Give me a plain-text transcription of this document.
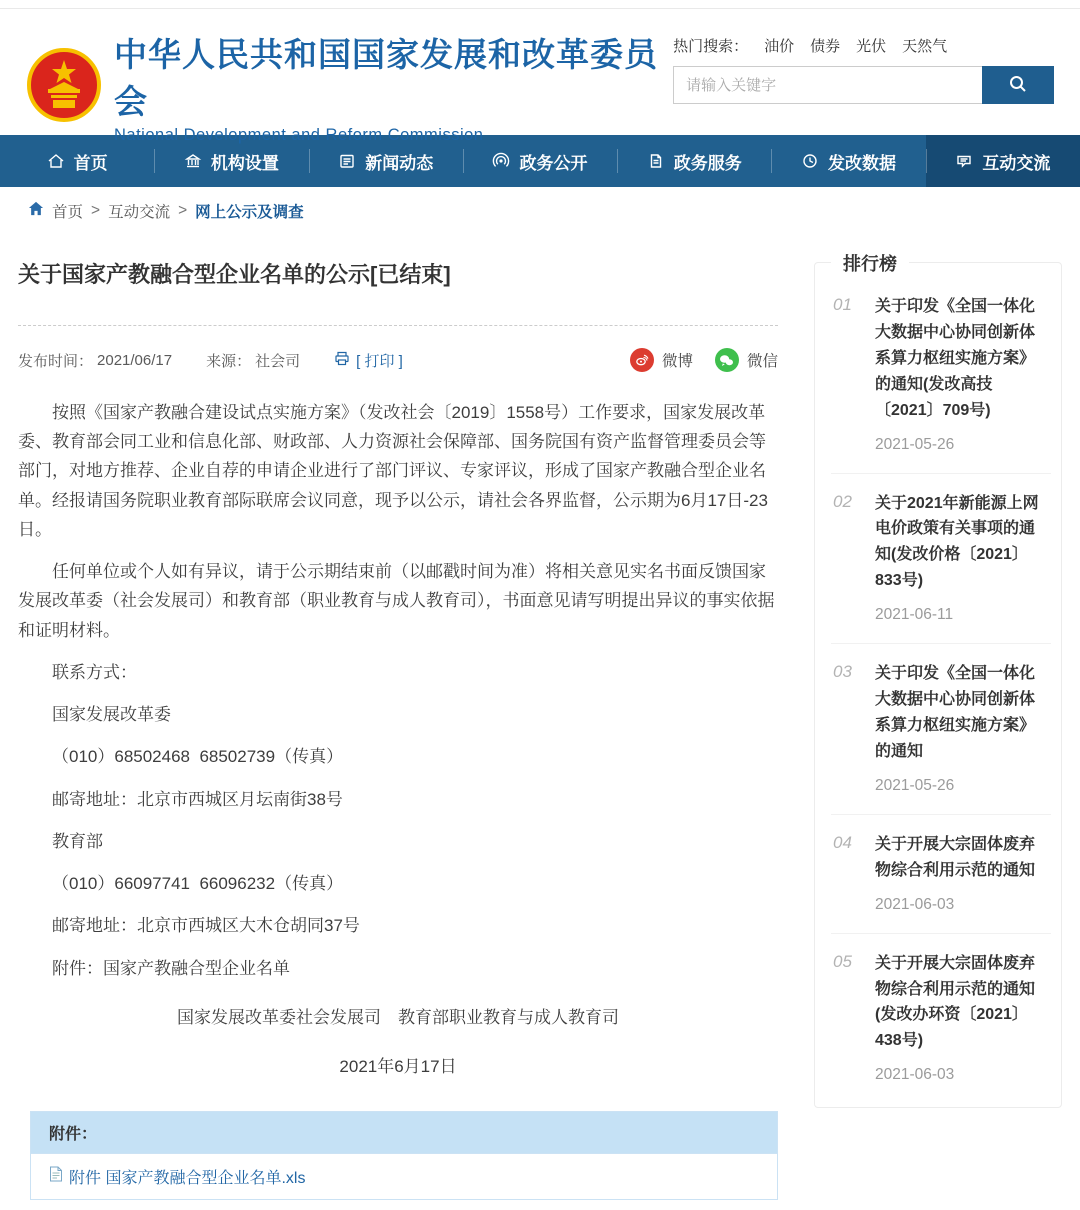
中华人民共和国国家发展和改革委员会
National Development and Reform Commission
热门搜索： 油价 债券 光伏 天然气
请输入关键字
首页	机构设置	新闻动态	政务公开	政务服务	发改数据	互动交流
首页 > 互动交流 > 网上公示及调查
关于国家产教融合型企业名单的公示[已结束]
发布时间： 2021/06/17 来源： 社会司	[ 打印 ]	微博	微信

按照《国家产教融合建设试点实施方案》（发改社会〔2019〕1558号）工作要求，国家发展改革委、教育部会同工业和信息化部、财政部、人力资源社会保障部、国务院国有资产监督管理委员会等部门，对地方推荐、企业自荐的申请企业进行了部门评议、专家评议，形成了国家产教融合型企业名单。经报请国务院职业教育部际联席会议同意，现予以公示，请社会各界监督，公示期为6月17日-23日。

任何单位或个人如有异议，请于公示期结束前（以邮戳时间为准）将相关意见实名书面反馈国家发展改革委（社会发展司）和教育部（职业教育与成人教育司），书面意见请写明提出异议的事实依据和证明材料。

联系方式：

国家发展改革委

（010）68502468  68502739（传真）

邮寄地址：北京市西城区月坛南街38号

教育部

（010）66097741  66096232（传真）

邮寄地址：北京市西城区大木仓胡同37号

附件：国家产教融合型企业名单

国家发展改革委社会发展司　教育部职业教育与成人教育司

2021年6月17日

附件：
附件 国家产教融合型企业名单.xls
排行榜
01	关于印发《全国一体化大数据中心协同创新体系算力枢纽实施方案》的通知(发改高技〔2021〕709号)
2021-05-26
02	关于2021年新能源上网电价政策有关事项的通知(发改价格〔2021〕833号)
2021-06-11
03	关于印发《全国一体化大数据中心协同创新体系算力枢纽实施方案》的通知
2021-05-26
04	关于开展大宗固体废弃物综合利用示范的通知
2021-06-03
05	关于开展大宗固体废弃物综合利用示范的通知(发改办环资〔2021〕438号)
2021-06-03
